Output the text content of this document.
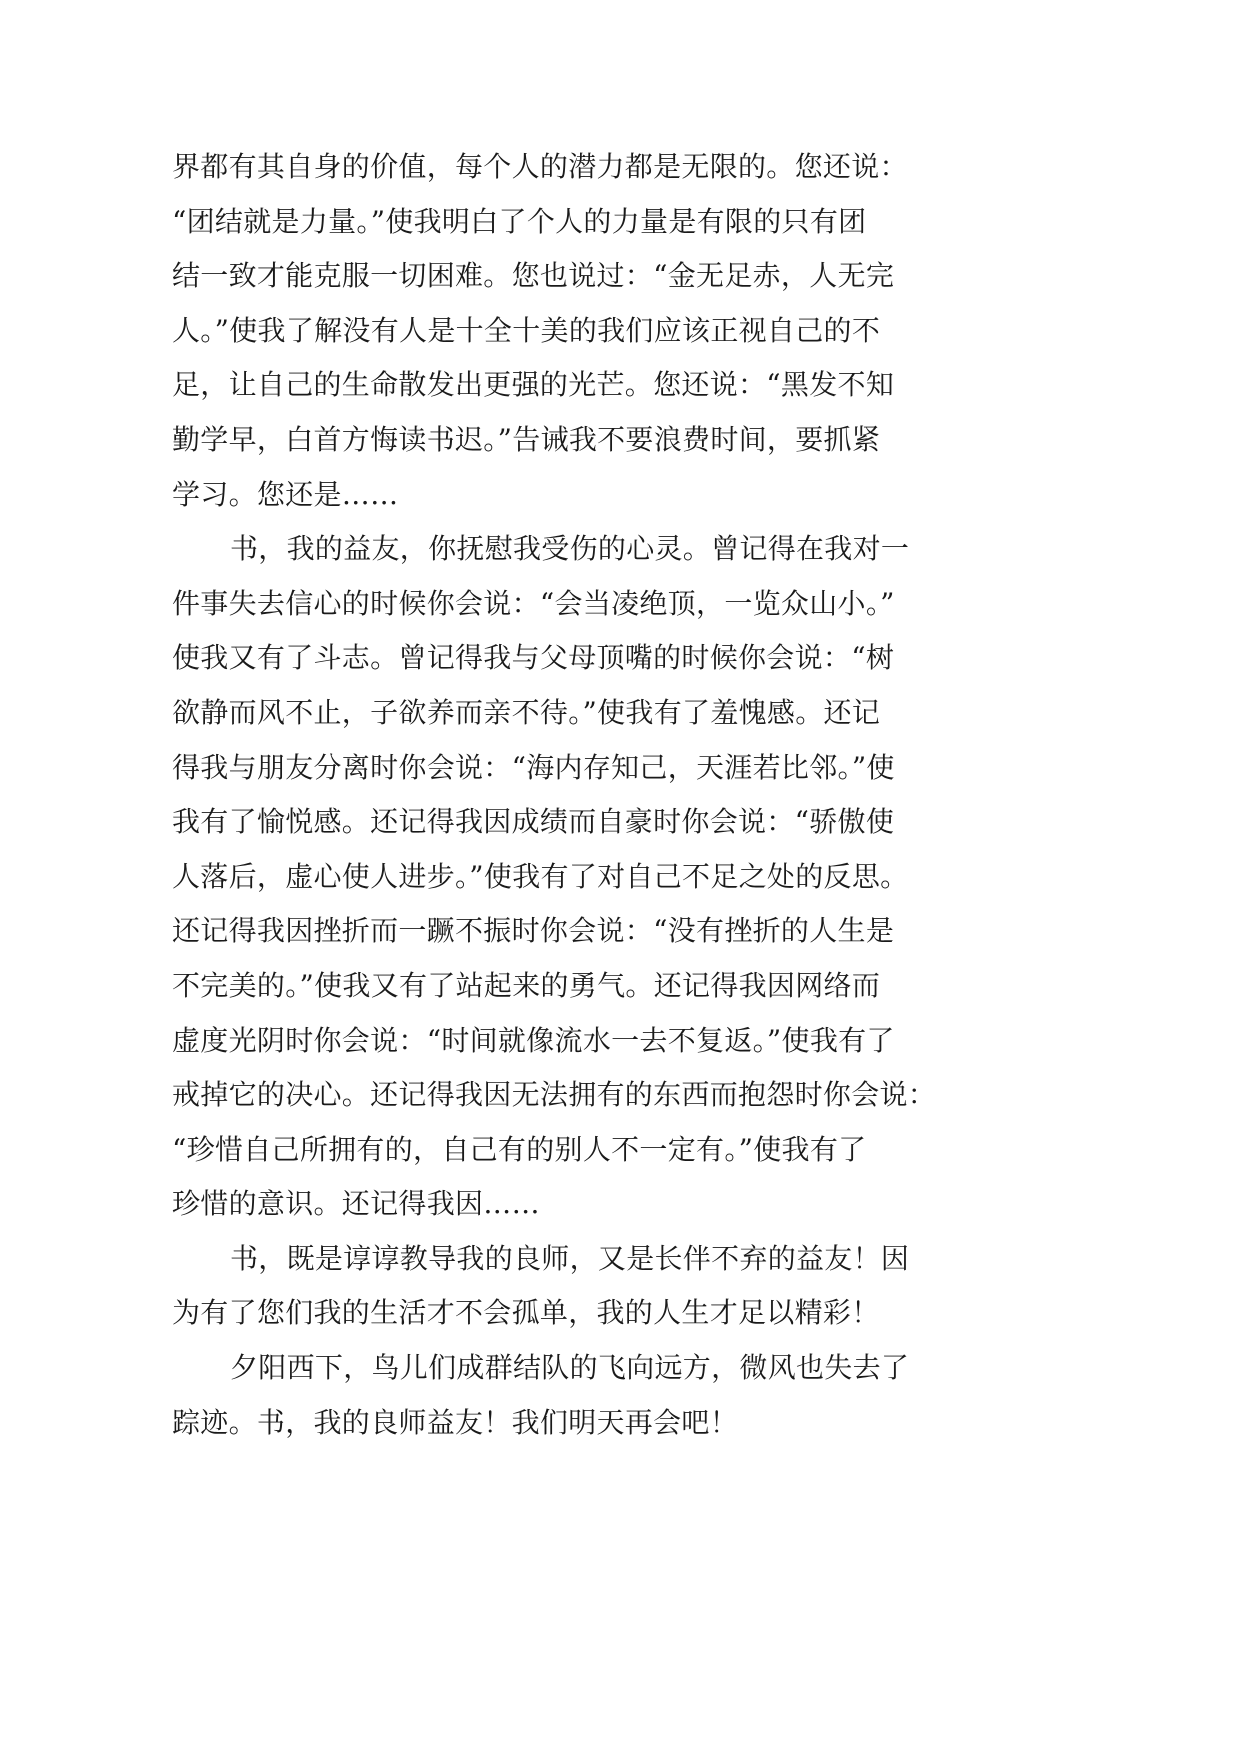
界都有其自身的价值，每个人的潜力都是无限的。您还说：
“团结就是力量。”使我明白了个人的力量是有限的只有团
结一致才能克服一切困难。您也说过：“金无足赤，人无完
人。”使我了解没有人是十全十美的我们应该正视自己的不
足，让自己的生命散发出更强的光芒。您还说：“黑发不知
勤学早，白首方悔读书迟。”告诫我不要浪费时间，要抓紧
学习。您还是……
书，我的益友，你抚慰我受伤的心灵。曾记得在我对一
件事失去信心的时候你会说：“会当凌绝顶，一览众山小。”
使我又有了斗志。曾记得我与父母顶嘴的时候你会说：“树
欲静而风不止，子欲养而亲不待。”使我有了羞愧感。还记
得我与朋友分离时你会说：“海内存知己，天涯若比邻。”使
我有了愉悦感。还记得我因成绩而自豪时你会说：“骄傲使
人落后，虚心使人进步。”使我有了对自己不足之处的反思。
还记得我因挫折而一蹶不振时你会说：“没有挫折的人生是
不完美的。”使我又有了站起来的勇气。还记得我因网络而
虚度光阴时你会说：“时间就像流水一去不复返。”使我有了
戒掉它的决心。还记得我因无法拥有的东西而抱怨时你会说：
“珍惜自己所拥有的，自己有的别人不一定有。”使我有了
珍惜的意识。还记得我因……
书，既是谆谆教导我的良师，又是长伴不弃的益友！因
为有了您们我的生活才不会孤单，我的人生才足以精彩！
夕阳西下，鸟儿们成群结队的飞向远方，微风也失去了
踪迹。书，我的良师益友！我们明天再会吧！
